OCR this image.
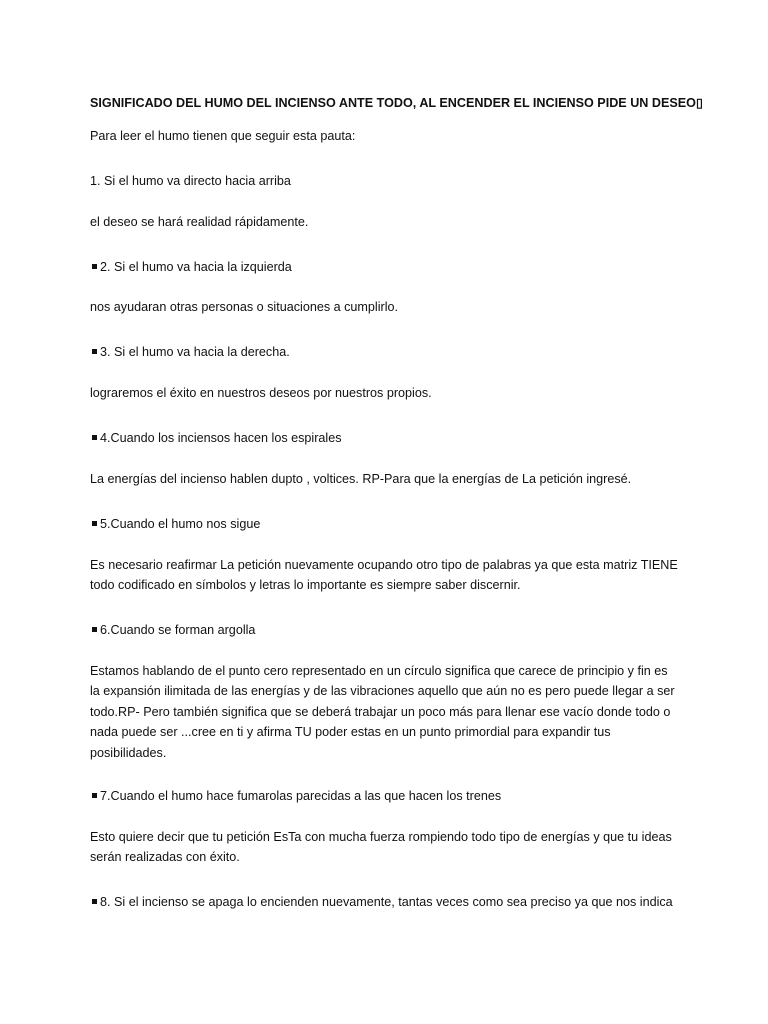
SIGNIFICADO DEL HUMO DEL INCIENSO ANTE TODO, AL ENCENDER EL INCIENSO PIDE UN DESEO▯
Para leer el humo tienen que seguir esta pauta:
1. Si el humo va directo hacia arriba
el deseo se hará realidad rápidamente.
2. Si el humo va hacia la izquierda
nos ayudaran otras personas o situaciones a cumplirlo.
3. Si el humo va hacia la derecha.
lograremos el éxito en nuestros deseos por nuestros propios.
4.Cuando los inciensos hacen los espirales
La energías del incienso hablen dupto , voltices. RP-Para que la energías de La petición ingresé.
5.Cuando el humo nos sigue
Es necesario reafirmar La petición nuevamente ocupando otro tipo de palabras ya que esta matriz TIENE todo codificado en símbolos y letras lo importante es siempre saber discernir.
6.Cuando se forman argolla
Estamos hablando de el punto cero representado en un círculo significa que carece de principio y fin es la expansión ilimitada de las energías y de las vibraciones aquello que aún no es pero puede llegar a ser todo.RP- Pero también significa que se deberá trabajar un poco más para llenar ese vacío donde todo o nada puede ser ...cree en ti y afirma TU poder estas en un punto primordial para expandir tus posibilidades.
7.Cuando el humo hace fumarolas parecidas a las que hacen los trenes
Esto quiere decir que tu petición EsTa con mucha fuerza rompiendo todo tipo de energías y que tu ideas serán realizadas con éxito.
8. Si el incienso se apaga lo encienden nuevamente, tantas veces como sea preciso ya que nos indica
